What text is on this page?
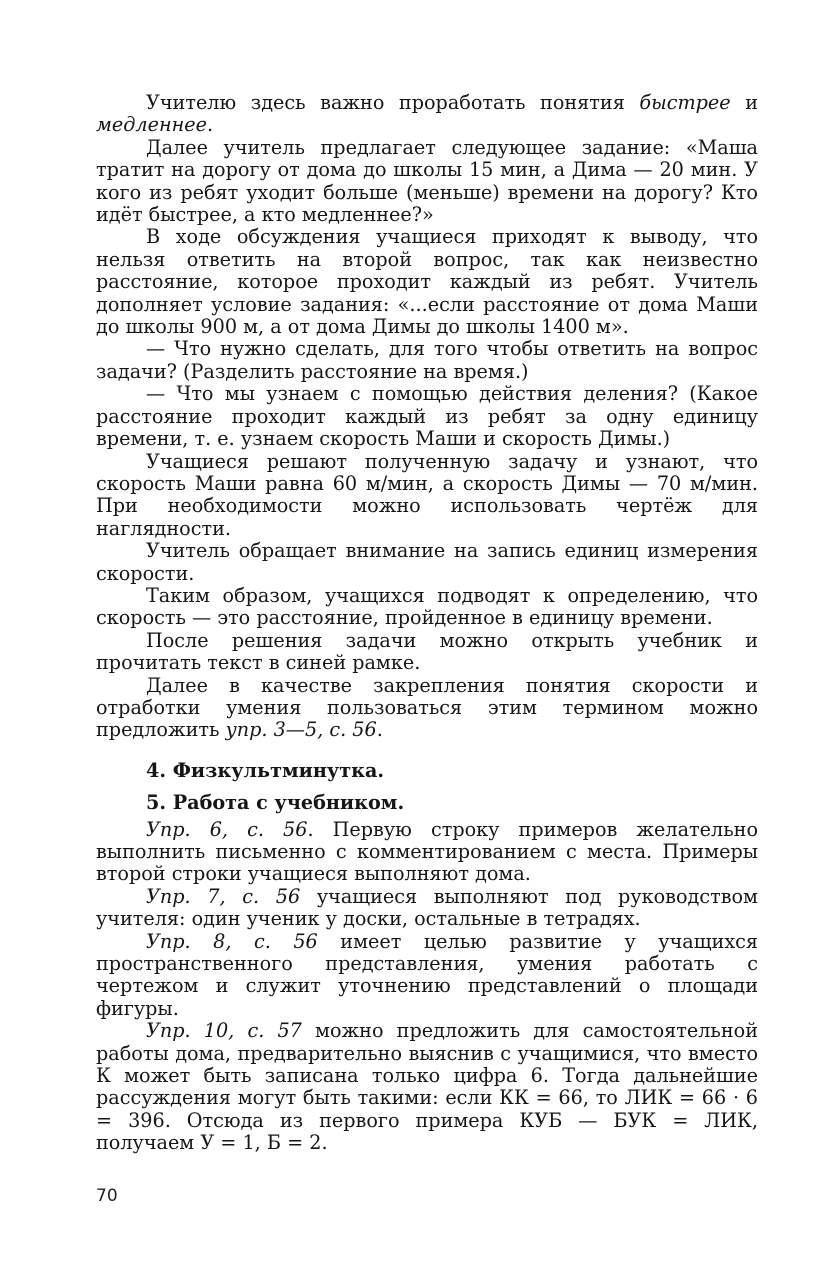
Учителю здесь важно проработать понятия быстрее и медленнее.

Далее учитель предлагает следующее задание: «Маша тратит на дорогу от дома до школы 15 мин, а Дима — 20 мин. У кого из ребят уходит больше (меньше) времени на дорогу? Кто идёт быстрее, а кто медленнее?»

В ходе обсуждения учащиеся приходят к выводу, что нельзя ответить на второй вопрос, так как неизвестно расстояние, которое проходит каждый из ребят. Учитель дополняет условие задания: «...если расстояние от дома Маши до школы 900 м, а от дома Димы до школы 1400 м».

— Что нужно сделать, для того чтобы ответить на вопрос задачи? (Разделить расстояние на время.)

— Что мы узнаем с помощью действия деления? (Какое расстояние проходит каждый из ребят за одну единицу времени, т. е. узнаем скорость Маши и скорость Димы.)

Учащиеся решают полученную задачу и узнают, что скорость Маши равна 60 м/мин, а скорость Димы — 70 м/мин. При необходимости можно использовать чертёж для наглядности.

Учитель обращает внимание на запись единиц измерения скорости.

Таким образом, учащихся подводят к определению, что скорость — это расстояние, пройденное в единицу времени.

После решения задачи можно открыть учебник и прочитать текст в синей рамке.

Далее в качестве закрепления понятия скорости и отработки умения пользоваться этим термином можно предложить упр. 3—5, с. 56.

4. Физкультминутка.

5. Работа с учебником.

Упр. 6, с. 56. Первую строку примеров желательно выполнить письменно с комментированием с места. Примеры второй строки учащиеся выполняют дома.

Упр. 7, с. 56 учащиеся выполняют под руководством учителя: один ученик у доски, остальные в тетрадях.

Упр. 8, с. 56 имеет целью развитие у учащихся пространственного представления, умения работать с чертежом и служит уточнению представлений о площади фигуры.

Упр. 10, с. 57 можно предложить для самостоятельной работы дома, предварительно выяснив с учащимися, что вместо К может быть записана только цифра 6. Тогда дальнейшие рассуждения могут быть такими: если КК = 66, то ЛИК = 66 · 6 = 396. Отсюда из первого примера КУБ — БУК = ЛИК, получаем У = 1, Б = 2.

70
